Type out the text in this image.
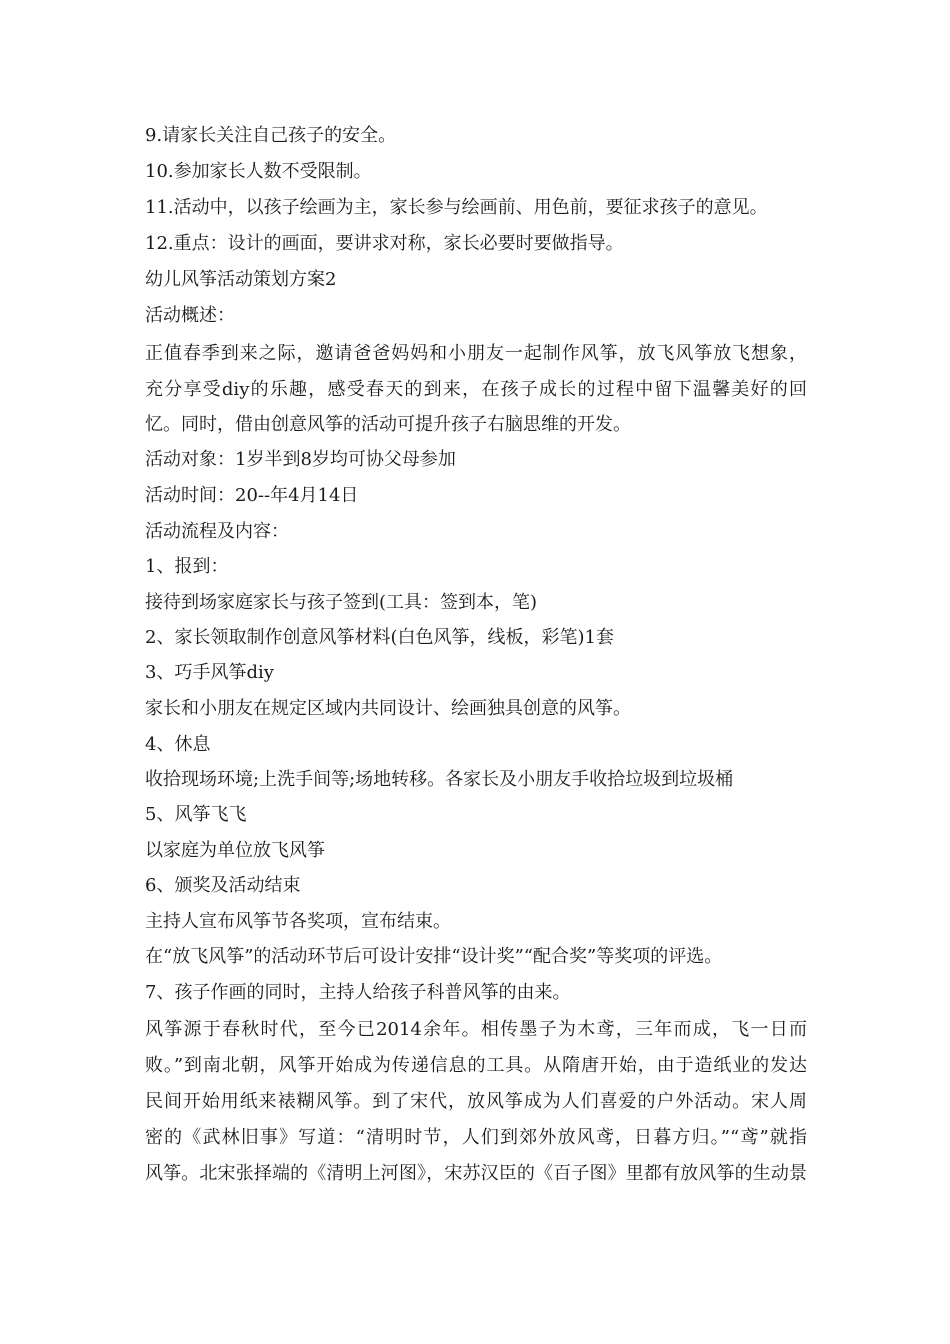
9.请家长关注自己孩子的安全。
10.参加家长人数不受限制。
11.活动中，以孩子绘画为主，家长参与绘画前、用色前，要征求孩子的意见。
12.重点：设计的画面，要讲求对称，家长必要时要做指导。
幼儿风筝活动策划方案2
活动概述：
正值春季到来之际，邀请爸爸妈妈和小朋友一起制作风筝，放飞风筝放飞想象，
充分享受diy的乐趣，感受春天的到来，在孩子成长的过程中留下温馨美好的回
忆。同时，借由创意风筝的活动可提升孩子右脑思维的开发。
活动对象：1岁半到8岁均可协父母参加
活动时间：20--年4月14日
活动流程及内容：
1、报到：
接待到场家庭家长与孩子签到(工具：签到本，笔)
2、家长领取制作创意风筝材料(白色风筝，线板，彩笔)1套
3、巧手风筝diy
家长和小朋友在规定区域内共同设计、绘画独具创意的风筝。
4、休息
收拾现场环境;上洗手间等;场地转移。各家长及小朋友手收拾垃圾到垃圾桶
5、风筝飞飞
以家庭为单位放飞风筝
6、颁奖及活动结束
主持人宣布风筝节各奖项，宣布结束。
在“放飞风筝”的活动环节后可设计安排“设计奖”“配合奖”等奖项的评选。
7、孩子作画的同时，主持人给孩子科普风筝的由来。
风筝源于春秋时代，至今已2014余年。相传墨子为木鸢，三年而成，飞一日而
败。”到南北朝，风筝开始成为传递信息的工具。从隋唐开始，由于造纸业的发达
民间开始用纸来裱糊风筝。到了宋代，放风筝成为人们喜爱的户外活动。宋人周
密的《武林旧事》写道：“清明时节，人们到郊外放风鸢，日暮方归。”“鸢”就指
风筝。北宋张择端的《清明上河图》，宋苏汉臣的《百子图》里都有放风筝的生动景
